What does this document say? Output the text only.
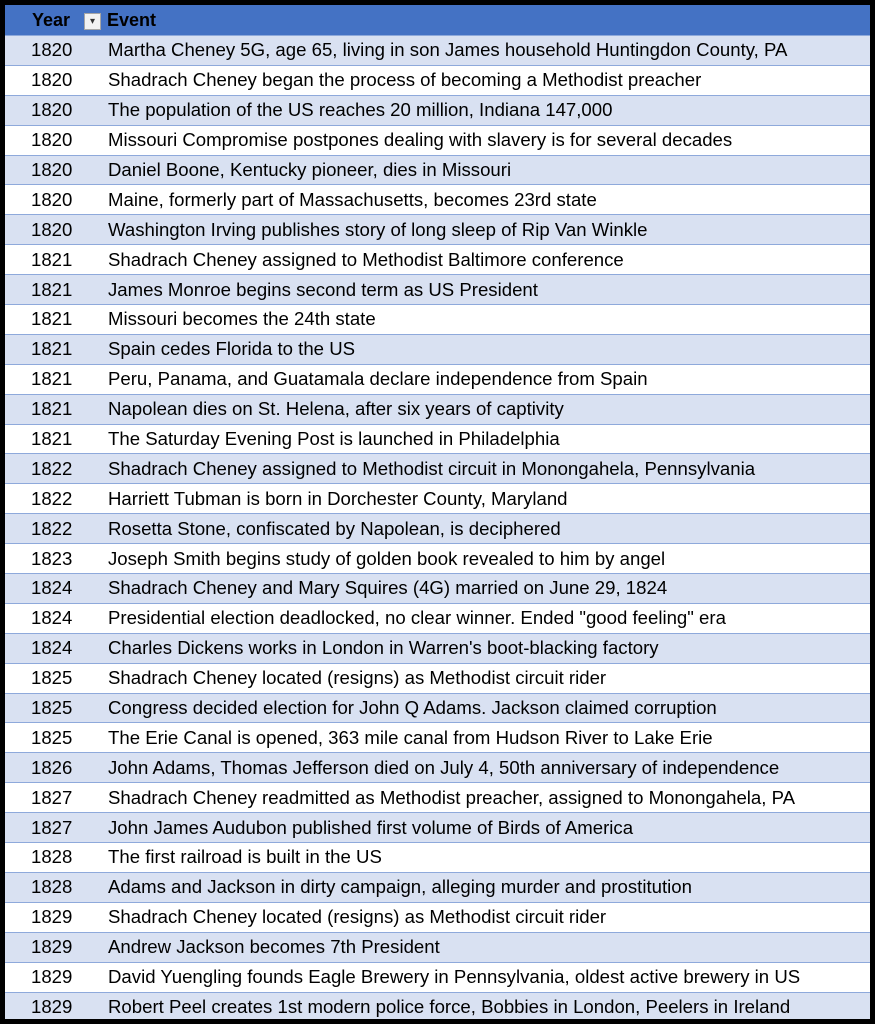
Year	▾ Event
1820	Martha Cheney 5G, age 65, living in son James household Huntingdon County, PA
1820	Shadrach Cheney began the process of becoming a Methodist preacher
1820	The population of the US reaches 20 million, Indiana 147,000
1820	Missouri Compromise postpones dealing with slavery is for several decades
1820	Daniel Boone, Kentucky pioneer, dies in Missouri
1820	Maine, formerly part of Massachusetts, becomes 23rd state
1820	Washington Irving publishes story of long sleep of Rip Van Winkle
1821	Shadrach Cheney assigned to Methodist Baltimore conference
1821	James Monroe begins second term as US President
1821	Missouri becomes the 24th state
1821	Spain cedes Florida to the US
1821	Peru, Panama, and Guatamala declare independence from Spain
1821	Napolean dies on St. Helena, after six years of captivity
1821	The Saturday Evening Post is launched in Philadelphia
1822	Shadrach Cheney assigned to Methodist circuit in Monongahela, Pennsylvania
1822	Harriett Tubman is born in Dorchester County, Maryland
1822	Rosetta Stone, confiscated by Napolean, is deciphered
1823	Joseph Smith begins study of golden book revealed to him by angel
1824	Shadrach Cheney and Mary Squires (4G) married on June 29, 1824
1824	Presidential election deadlocked, no clear winner. Ended "good feeling" era
1824	Charles Dickens works in London in Warren's boot-blacking factory
1825	Shadrach Cheney located (resigns) as Methodist circuit rider
1825	Congress decided election for John Q Adams. Jackson claimed corruption
1825	The Erie Canal is opened, 363 mile canal from Hudson River to Lake Erie
1826	John Adams, Thomas Jefferson died on July 4, 50th anniversary of independence
1827	Shadrach Cheney readmitted as Methodist preacher, assigned to Monongahela, PA
1827	John James Audubon published first volume of Birds of America
1828	The first railroad is built in the US
1828	Adams and Jackson in dirty campaign, alleging murder and prostitution
1829	Shadrach Cheney located (resigns) as Methodist circuit rider
1829	Andrew Jackson becomes 7th President
1829	David Yuengling founds Eagle Brewery in Pennsylvania, oldest active brewery in US
1829	Robert Peel creates 1st modern police force, Bobbies in London, Peelers in Ireland
